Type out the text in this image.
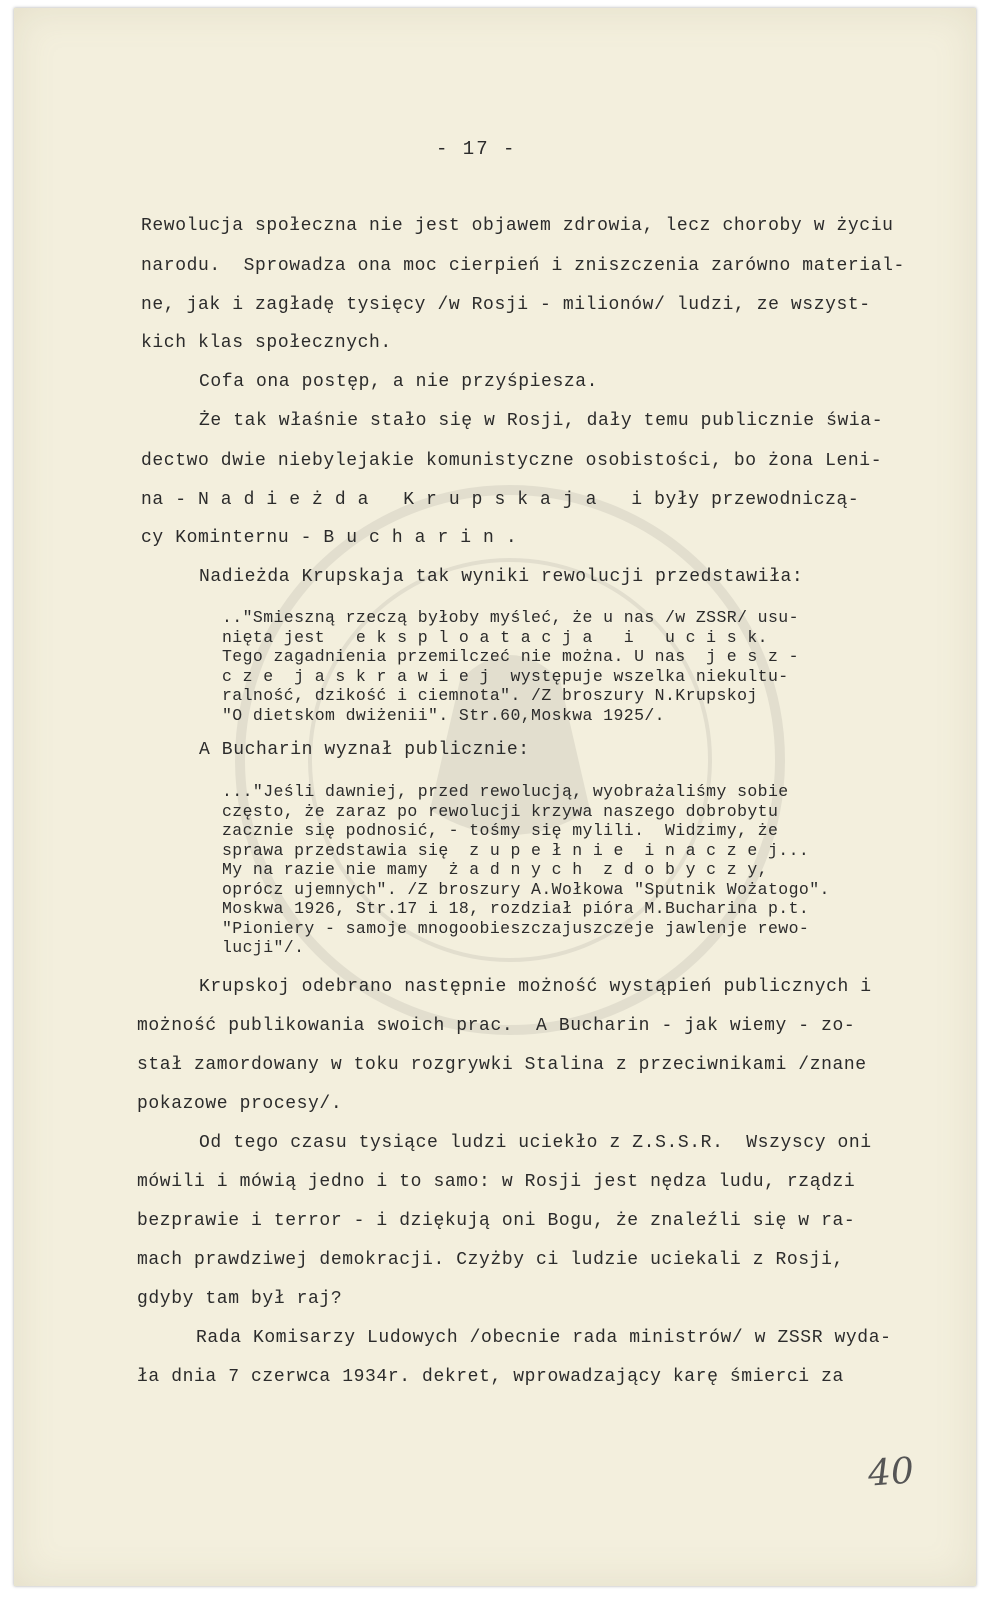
- 17 -
Rewolucja społeczna nie jest objawem zdrowia, lecz choroby w życiu
narodu.  Sprowadza ona moc cierpień i zniszczenia zarówno material-
ne, jak i zagładę tysięcy /w Rosji - milionów/ ludzi, ze wszyst-
kich klas społecznych.
Cofa ona postęp, a nie przyśpiesza.
Że tak właśnie stało się w Rosji, dały temu publicznie świa-
dectwo dwie niebylejakie komunistyczne osobistości, bo żona Leni-
na - N a d i e ż d a   K r u p s k a j a   i były przewodniczą-
cy Kominternu - B u c h a r i n .
Nadieżda Krupskaja tak wyniki rewolucji przedstawiła:
.."Smieszną rzeczą byłoby myśleć, że u nas /w ZSSR/ usu-
nięta jest   e k s p l o a t a c j a   i   u c i s k.
Tego zagadnienia przemilczeć nie można. U nas  j e s z -
c z e  j a s k r a w i e j  występuje wszelka niekultu-
ralność, dzikość i ciemnota". /Z broszury N.Krupskoj
"O dietskom dwiżenii". Str.60,Moskwa 1925/.
A Bucharin wyznał publicznie:
..."Jeśli dawniej, przed rewolucją, wyobrażaliśmy sobie
często, że zaraz po rewolucji krzywa naszego dobrobytu
zacznie się podnosić, - tośmy się mylili.  Widzimy, że
sprawa przedstawia się  z u p e ł n i e  i n a c z e j...
My na razie nie mamy  ż a d n y c h  z d o b y c z y,
oprócz ujemnych". /Z broszury A.Wołkowa "Sputnik Wożatogo".
Moskwa 1926, Str.17 i 18, rozdział pióra M.Bucharina p.t.
"Pioniery - samoje mnogoobieszczajuszczeje jawlenje rewo-
lucji"/.
Krupskoj odebrano następnie możność wystąpień publicznych i
możność publikowania swoich prac.  A Bucharin - jak wiemy - zo-
stał zamordowany w toku rozgrywki Stalina z przeciwnikami /znane
pokazowe procesy/.
Od tego czasu tysiące ludzi uciekło z Z.S.S.R.  Wszyscy oni
mówili i mówią jedno i to samo: w Rosji jest nędza ludu, rządzi
bezprawie i terror - i dziękują oni Bogu, że znaleźli się w ra-
mach prawdziwej demokracji. Czyżby ci ludzie uciekali z Rosji,
gdyby tam był raj?
Rada Komisarzy Ludowych /obecnie rada ministrów/ w ZSSR wyda-
ła dnia 7 czerwca 1934r. dekret, wprowadzający karę śmierci za
40
